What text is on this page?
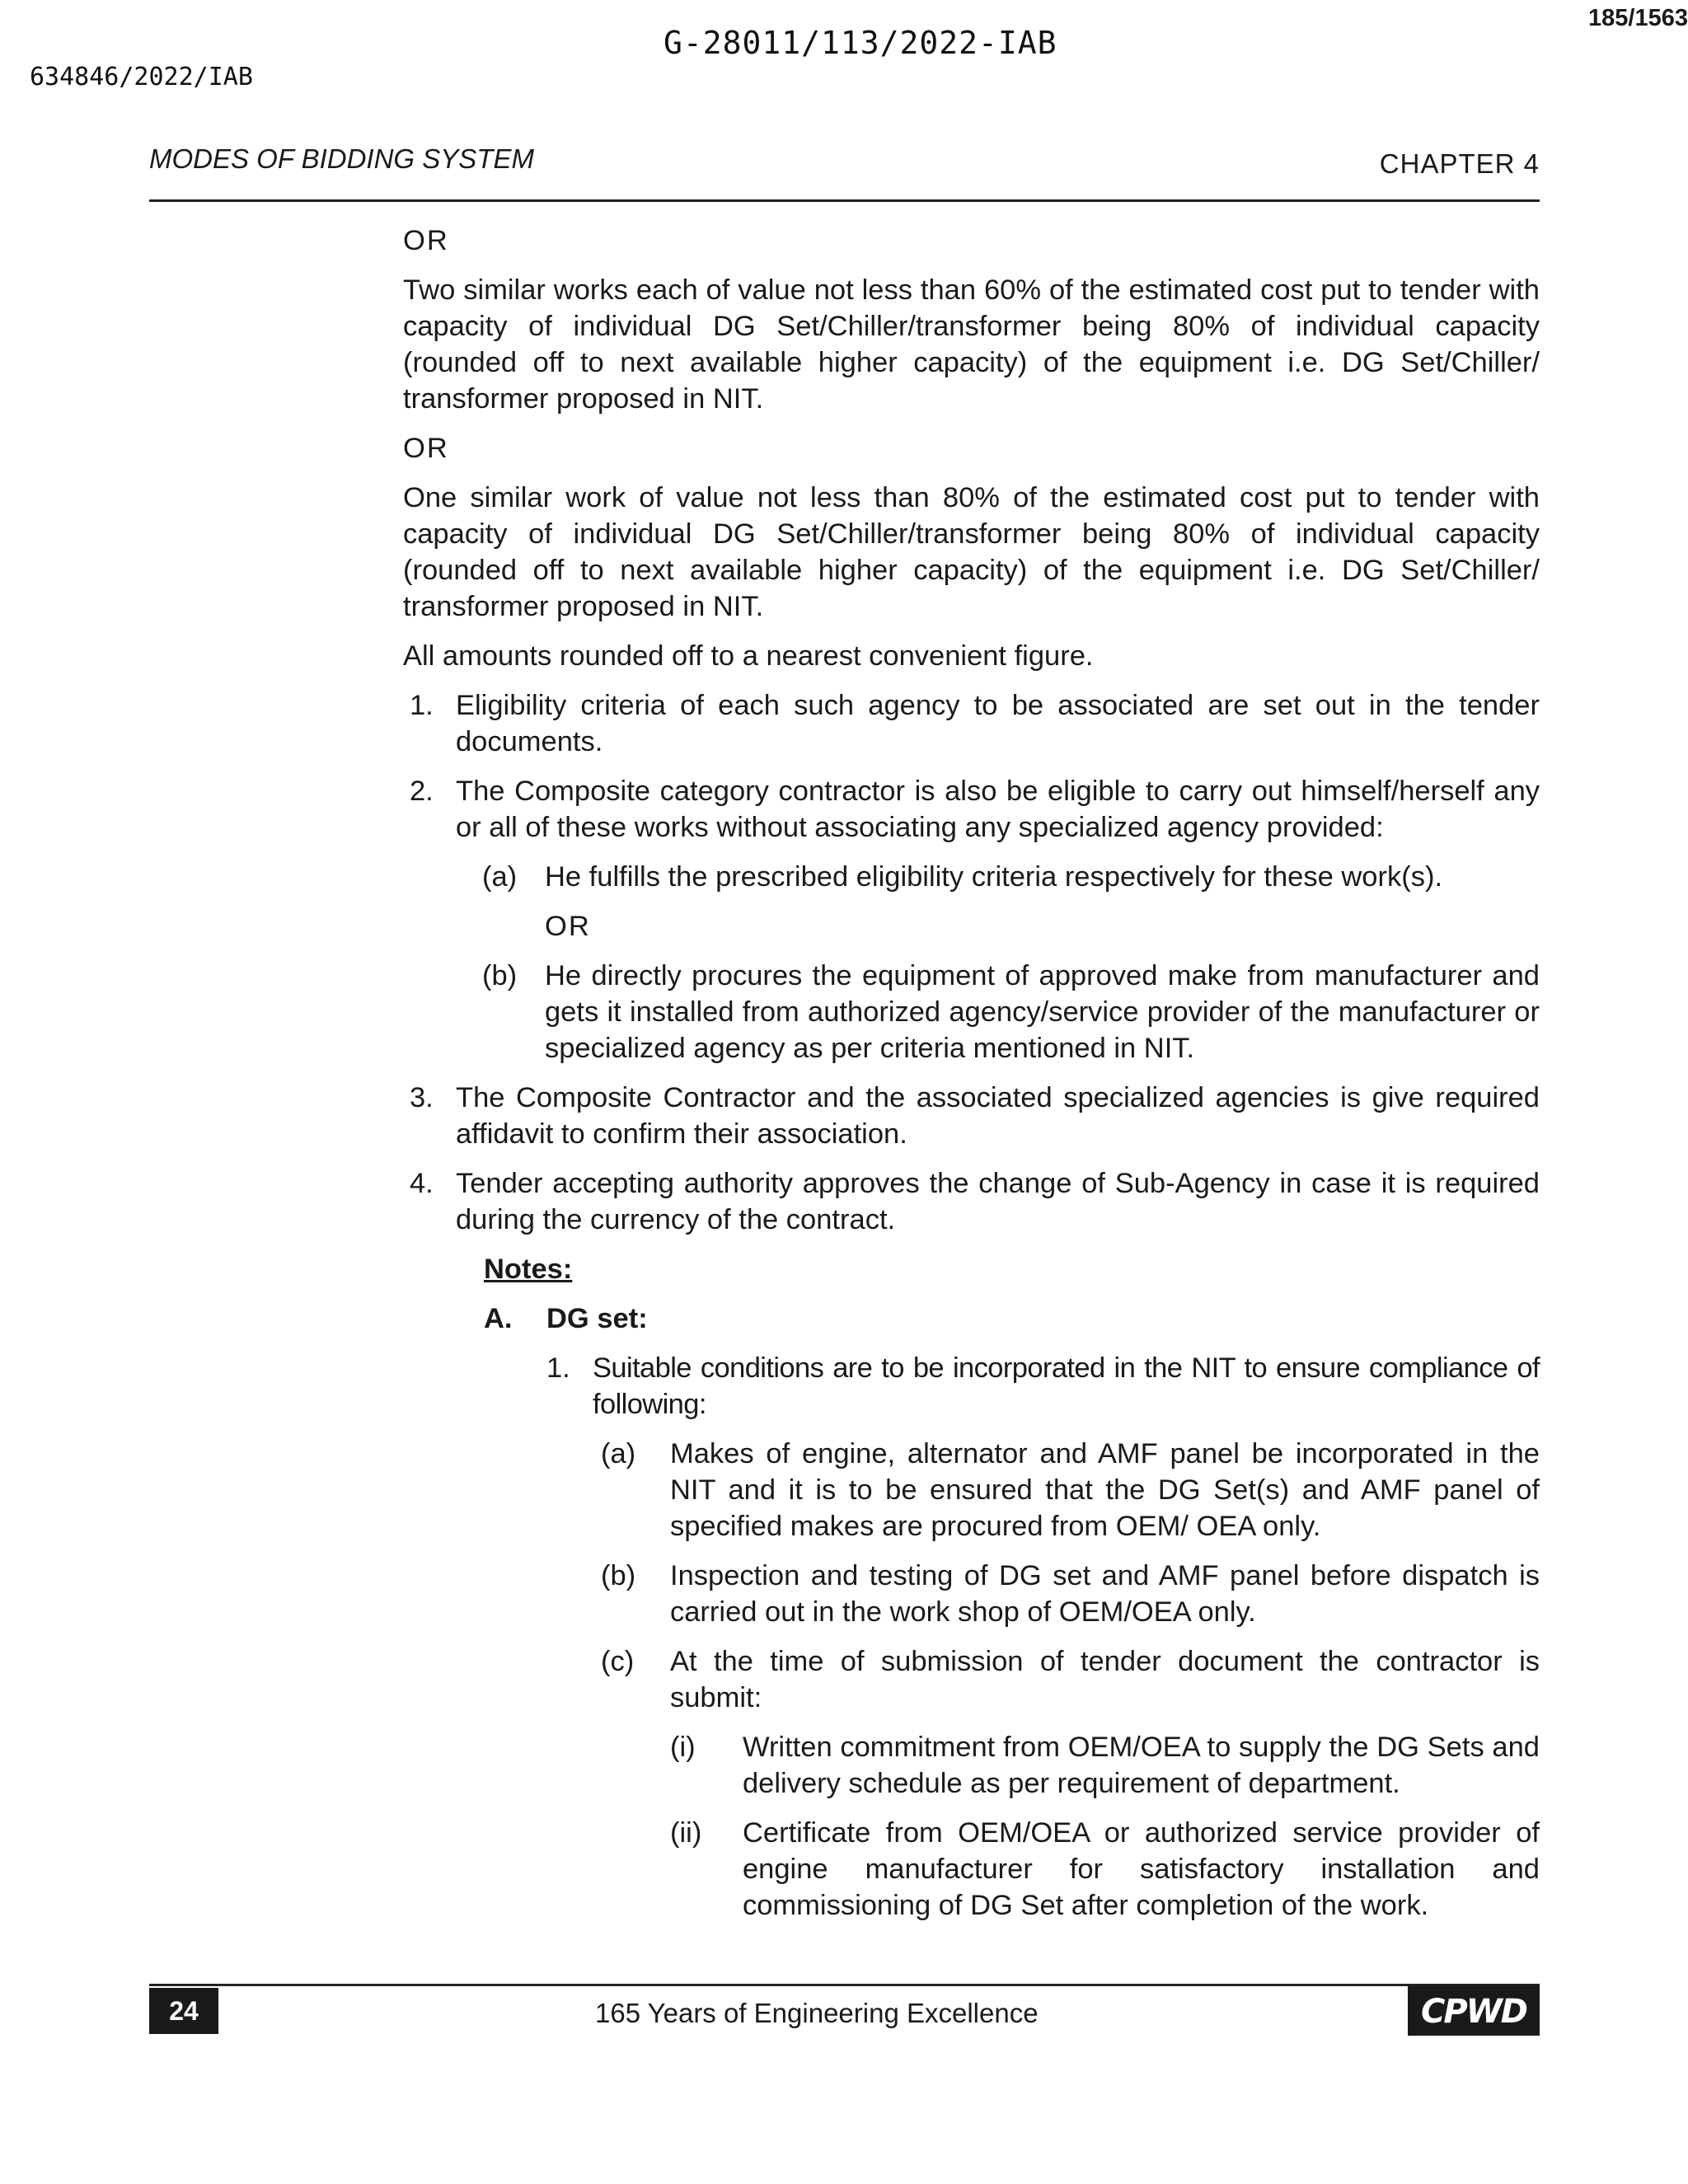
185/1563
G-28011/113/2022-IAB
634846/2022/IAB
MODES OF BIDDING SYSTEM	CHAPTER 4

OR

Two similar works each of value not less than 60% of the estimated cost put to tender with capacity of individual DG Set/Chiller/transformer being 80% of individual capacity (rounded off to next available higher capacity) of the equipment i.e. DG Set/Chiller/ transformer proposed in NIT.

OR

One similar work of value not less than 80% of the estimated cost put to tender with capacity of individual DG Set/Chiller/transformer being 80% of individual capacity (rounded off to next available higher capacity) of the equipment i.e. DG Set/Chiller/ transformer proposed in NIT.

All amounts rounded off to a nearest convenient figure.

1. Eligibility criteria of each such agency to be associated are set out in the tender documents.
2. The Composite category contractor is also be eligible to carry out himself/herself any or all of these works without associating any specialized agency provided:
(a) He fulfills the prescribed eligibility criteria respectively for these work(s).
OR
(b) He directly procures the equipment of approved make from manufacturer and gets it installed from authorized agency/service provider of the manufacturer or specialized agency as per criteria mentioned in NIT.
3. The Composite Contractor and the associated specialized agencies is give required affidavit to confirm their association.
4. Tender accepting authority approves the change of Sub-Agency in case it is required during the currency of the contract.
Notes:
A.	DG set:
1. Suitable conditions are to be incorporated in the NIT to ensure compliance of following:
(a)	Makes of engine, alternator and AMF panel be incorporated in the NIT and it is to be ensured that the DG Set(s) and AMF panel of specified makes are procured from OEM/ OEA only.
(b)	Inspection and testing of DG set and AMF panel before dispatch is carried out in the work shop of OEM/OEA only.
(c)	At the time of submission of tender document the contractor is submit:
(i)	Written commitment from OEM/OEA to supply the DG Sets and delivery schedule as per requirement of department.
(ii)	Certificate from OEM/OEA or authorized service provider of engine manufacturer for satisfactory installation and commissioning of DG Set after completion of the work.
24	165 Years of Engineering Excellence	CPWD
